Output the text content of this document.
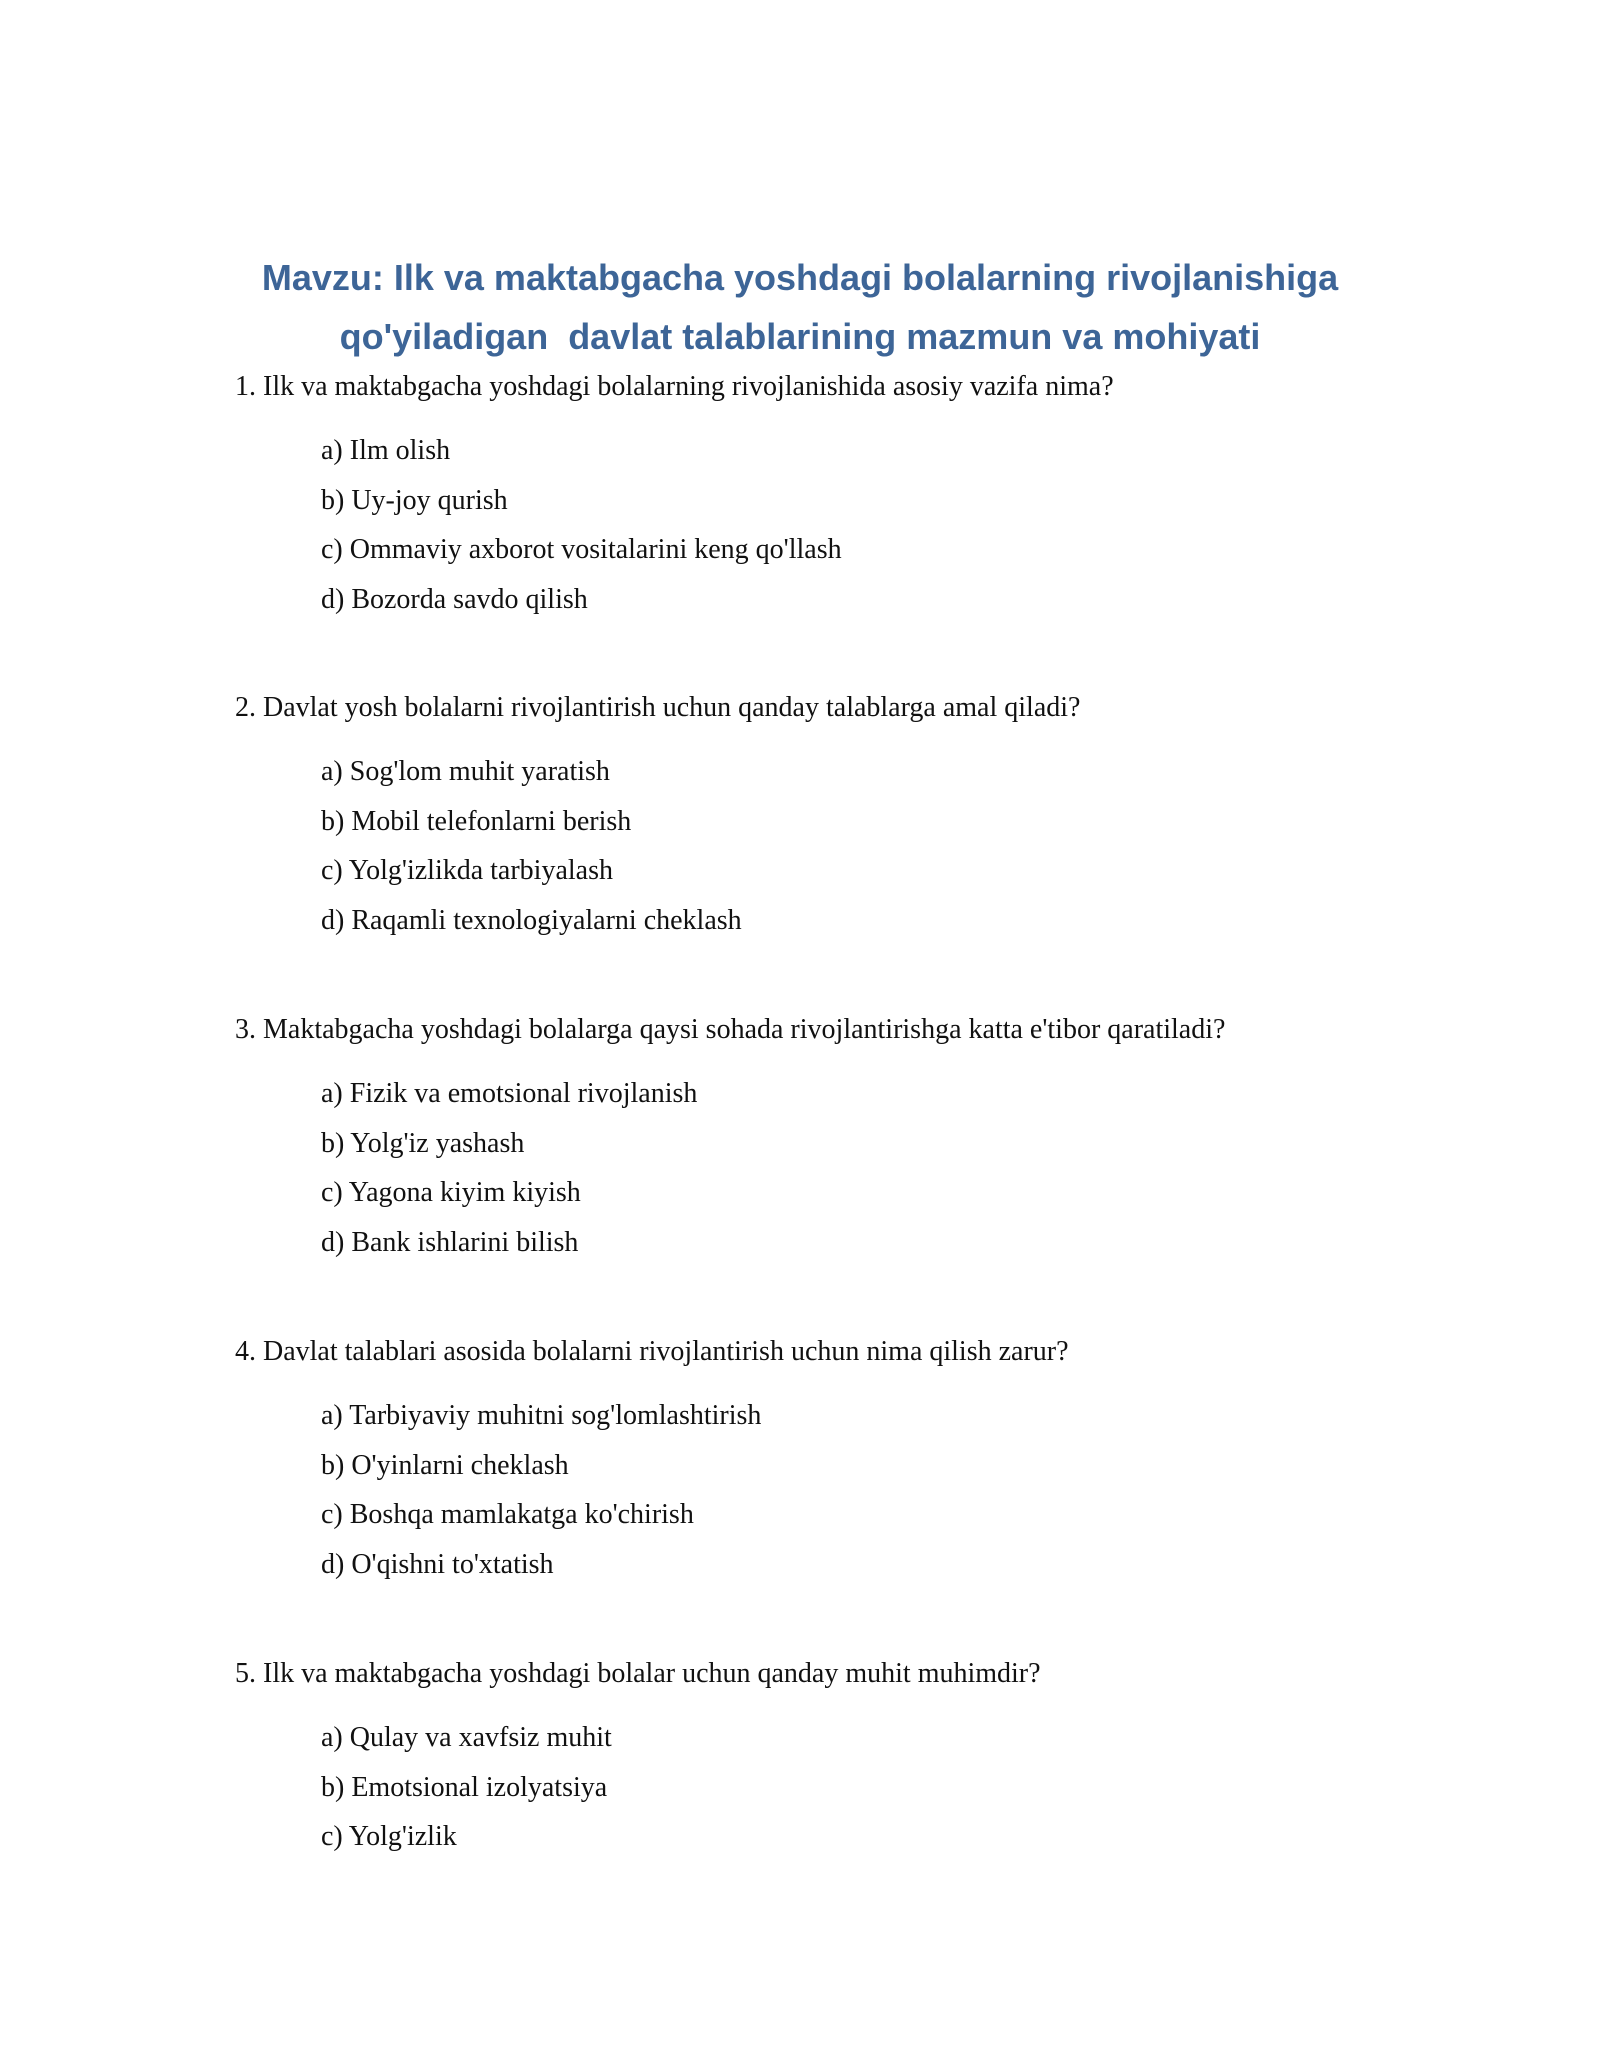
Mavzu: Ilk va maktabgacha yoshdagi bolalarning rivojlanishiga
qo'yiladigan  davlat talablarining mazmun va mohiyati

1. Ilk va maktabgacha yoshdagi bolalarning rivojlanishida asosiy vazifa nima?

a) Ilm olish
b) Uy-joy qurish
c) Ommaviy axborot vositalarini keng qo'llash
d) Bozorda savdo qilish

2. Davlat yosh bolalarni rivojlantirish uchun qanday talablarga amal qiladi?

a) Sog'lom muhit yaratish
b) Mobil telefonlarni berish
c) Yolg'izlikda tarbiyalash
d) Raqamli texnologiyalarni cheklash

3. Maktabgacha yoshdagi bolalarga qaysi sohada rivojlantirishga katta e'tibor qaratiladi?

a) Fizik va emotsional rivojlanish
b) Yolg'iz yashash
c) Yagona kiyim kiyish
d) Bank ishlarini bilish

4. Davlat talablari asosida bolalarni rivojlantirish uchun nima qilish zarur?

a) Tarbiyaviy muhitni sog'lomlashtirish
b) O'yinlarni cheklash
c) Boshqa mamlakatga ko'chirish
d) O'qishni to'xtatish

5. Ilk va maktabgacha yoshdagi bolalar uchun qanday muhit muhimdir?

a) Qulay va xavfsiz muhit
b) Emotsional izolyatsiya
c) Yolg'izlik
